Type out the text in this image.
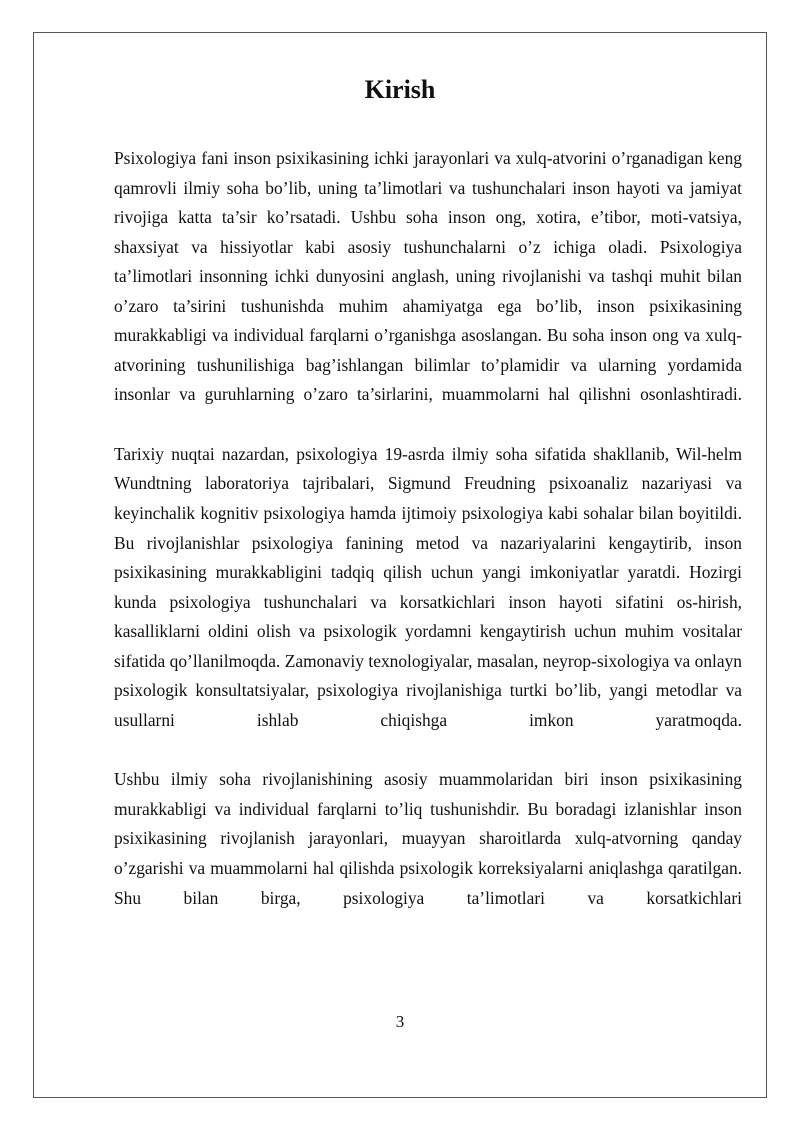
Kirish

Psixologiya fani inson psixikasining ichki jarayonlari va xulq-atvorini o’rganadigan keng qamrovli ilmiy soha bo’lib, uning ta’limotlari va tushunchalari inson hayoti va jamiyat rivojiga katta ta’sir ko’rsatadi. Ushbu soha inson ong, xotira, e’tibor, moti-vatsiya, shaxsiyat va hissiyotlar kabi asosiy tushunchalarni o’z ichiga oladi. Psixologiya ta’limotlari insonning ichki dunyosini anglash, uning rivojlanishi va tashqi muhit bilan o’zaro ta’sirini tushunishda muhim ahamiyatga ega bo’lib, inson psixikasining murakkabligi va individual farqlarni o’rganishga asoslangan. Bu soha inson ong va xulq-atvorining tushunilishiga bag’ishlangan bilimlar to’plamidir va ularning yordamida insonlar va guruhlarning o’zaro ta’sirlarini, muammolarni hal qilishni osonlashtiradi.

Tarixiy nuqtai nazardan, psixologiya 19-asrda ilmiy soha sifatida shakllanib, Wil-helm Wundtning laboratoriya tajribalari, Sigmund Freudning psixoanaliz nazariyasi va keyinchalik kognitiv psixologiya hamda ijtimoiy psixologiya kabi sohalar bilan boyitildi. Bu rivojlanishlar psixologiya fanining metod va nazariyalarini kengaytirib, inson psixikasining murakkabligini tadqiq qilish uchun yangi imkoniyatlar yaratdi. Hozirgi kunda psixologiya tushunchalari va korsatkichlari inson hayoti sifatini os-hirish, kasalliklarni oldini olish va psixologik yordamni kengaytirish uchun muhim vositalar sifatida qo’llanilmoqda. Zamonaviy texnologiyalar, masalan, neyrop-sixologiya va onlayn psixologik konsultatsiyalar, psixologiya rivojlanishiga turtki bo’lib, yangi metodlar va usullarni ishlab chiqishga imkon yaratmoqda.

Ushbu ilmiy soha rivojlanishining asosiy muammolaridan biri inson psixikasining murakkabligi va individual farqlarni to’liq tushunishdir. Bu boradagi izlanishlar inson psixikasining rivojlanish jarayonlari, muayyan sharoitlarda xulq-atvorning qanday o’zgarishi va muammolarni hal qilishda psixologik korreksiyalarni aniqlashga qaratilgan. Shu bilan birga, psixologiya ta’limotlari va korsatkichlari

3
